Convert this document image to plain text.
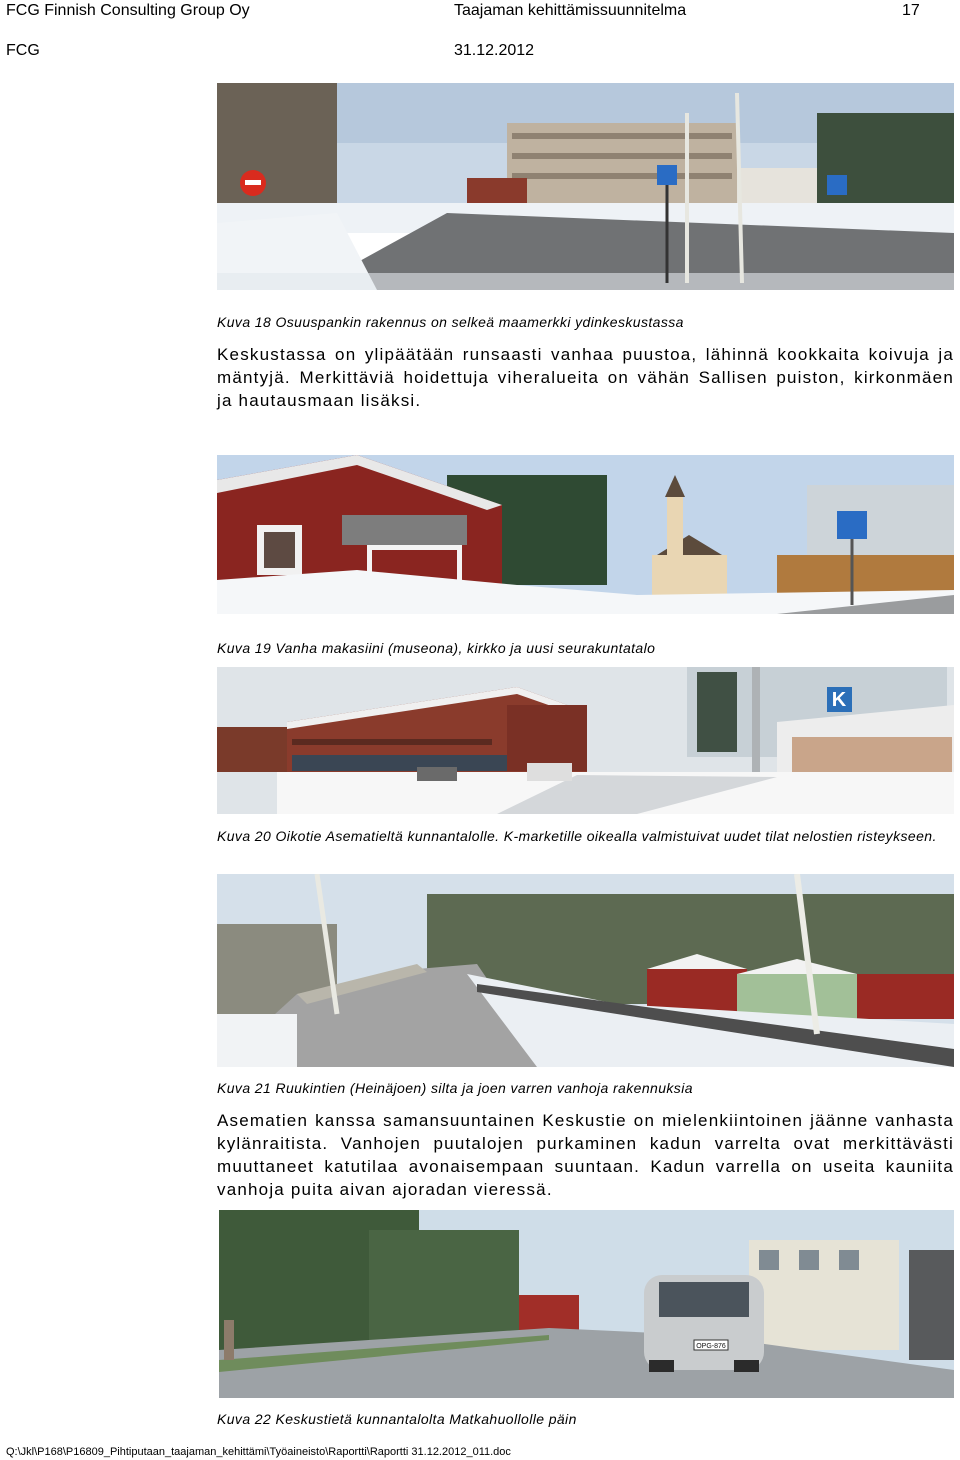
FCG Finnish Consulting Group Oy	Taajaman kehittämissuunnitelma	17
FCG	31.12.2012
Kuva 18 Osuuspankin rakennus on selkeä maamerkki ydinkeskustassa
Keskustassa on ylipäätään runsaasti vanhaa puustoa, lähinnä kookkaita koivuja ja mäntyjä. Merkittäviä hoidettuja viheralueita on vähän Sallisen puiston, kirkonmäen ja hautausmaan lisäksi.
Kuva 19 Vanha makasiini (museona), kirkko ja uusi seurakuntatalo
K
Kuva 20 Oikotie Asematieltä kunnantalolle. K-marketille oikealla valmistuivat uudet tilat nelostien risteykseen.
Kuva 21 Ruukintien (Heinäjoen) silta ja joen varren vanhoja rakennuksia
Asematien kanssa samansuuntainen Keskustie on mielenkiintoinen jäänne vanhasta kylänraitista. Vanhojen puutalojen purkaminen kadun varrelta ovat merkittävästi muuttaneet katutilaa avonaisempaan suuntaan. Kadun varrella on useita kauniita vanhoja puita aivan ajoradan vieressä.
OPG-876
Kuva 22 Keskustietä kunnantalolta Matkahuollolle päin
Q:\Jkl\P168\P16809_Pihtiputaan_taajaman_kehittämi\Työaineisto\Raportti\Raportti 31.12.2012_011.doc
